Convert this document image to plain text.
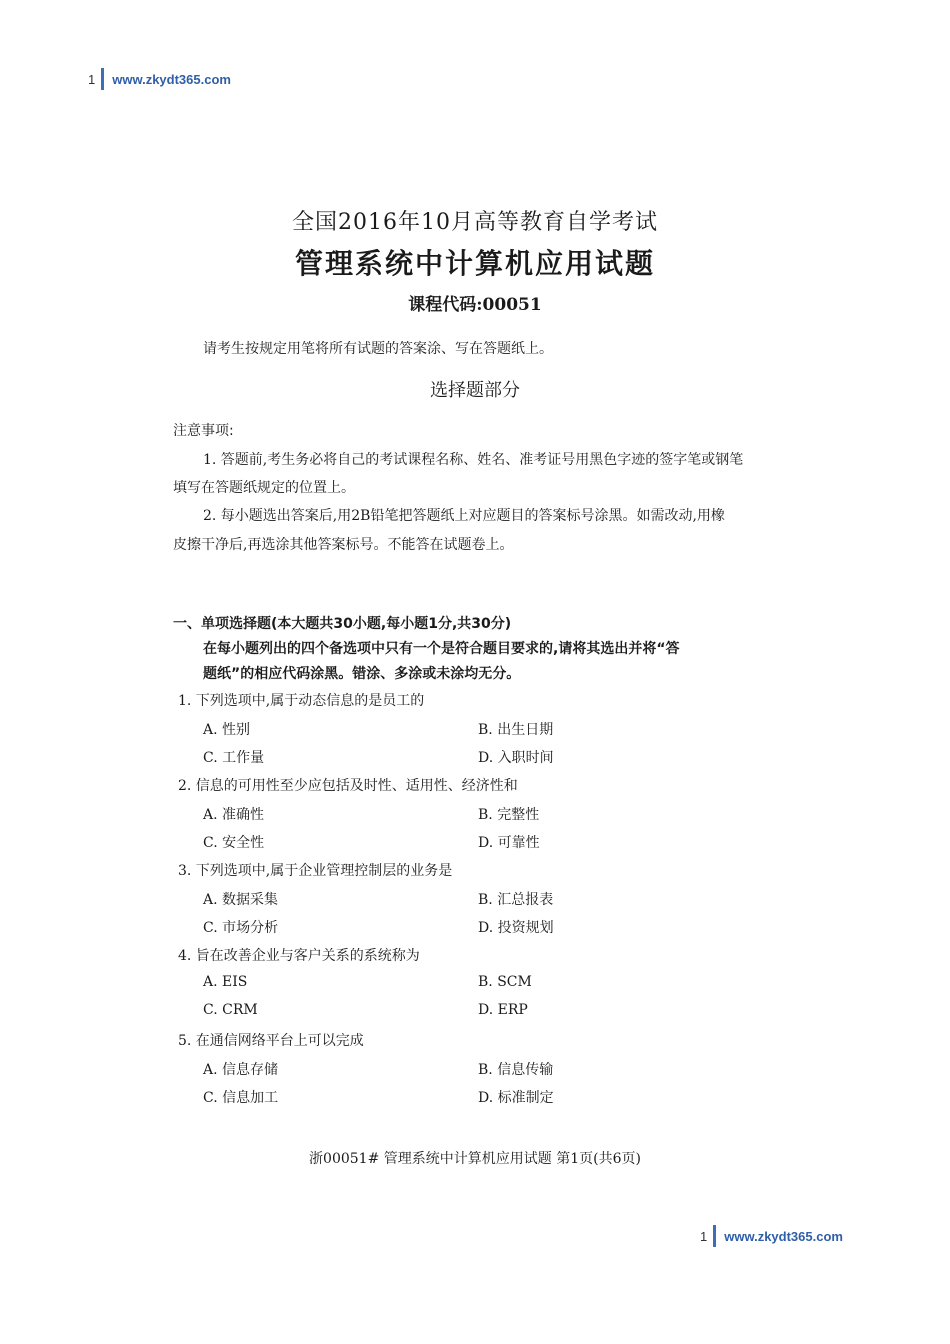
1 www.zkydt365.com
全国2016年10月高等教育自学考试
管理系统中计算机应用试题
课程代码:00051
请考生按规定用笔将所有试题的答案涂、写在答题纸上。
选择题部分
注意事项:
1. 答题前,考生务必将自己的考试课程名称、姓名、准考证号用黑色字迹的签字笔或钢笔
填写在答题纸规定的位置上。
2. 每小题选出答案后,用2B铅笔把答题纸上对应题目的答案标号涂黑。如需改动,用橡
皮擦干净后,再选涂其他答案标号。不能答在试题卷上。
一、单项选择题(本大题共30小题,每小题1分,共30分)
在每小题列出的四个备选项中只有一个是符合题目要求的,请将其选出并将“答
题纸”的相应代码涂黑。错涂、多涂或未涂均无分。
1. 下列选项中,属于动态信息的是员工的
A. 性别	B. 出生日期
C. 工作量	D. 入职时间
2. 信息的可用性至少应包括及时性、适用性、经济性和
A. 准确性	B. 完整性
C. 安全性	D. 可靠性
3. 下列选项中,属于企业管理控制层的业务是
A. 数据采集	B. 汇总报表
C. 市场分析	D. 投资规划
4. 旨在改善企业与客户关系的系统称为
A. EIS	B. SCM
C. CRM	D. ERP
5. 在通信网络平台上可以完成
A. 信息存储	B. 信息传输
C. 信息加工	D. 标准制定
浙00051# 管理系统中计算机应用试题 第1页(共6页)
1 www.zkydt365.com
